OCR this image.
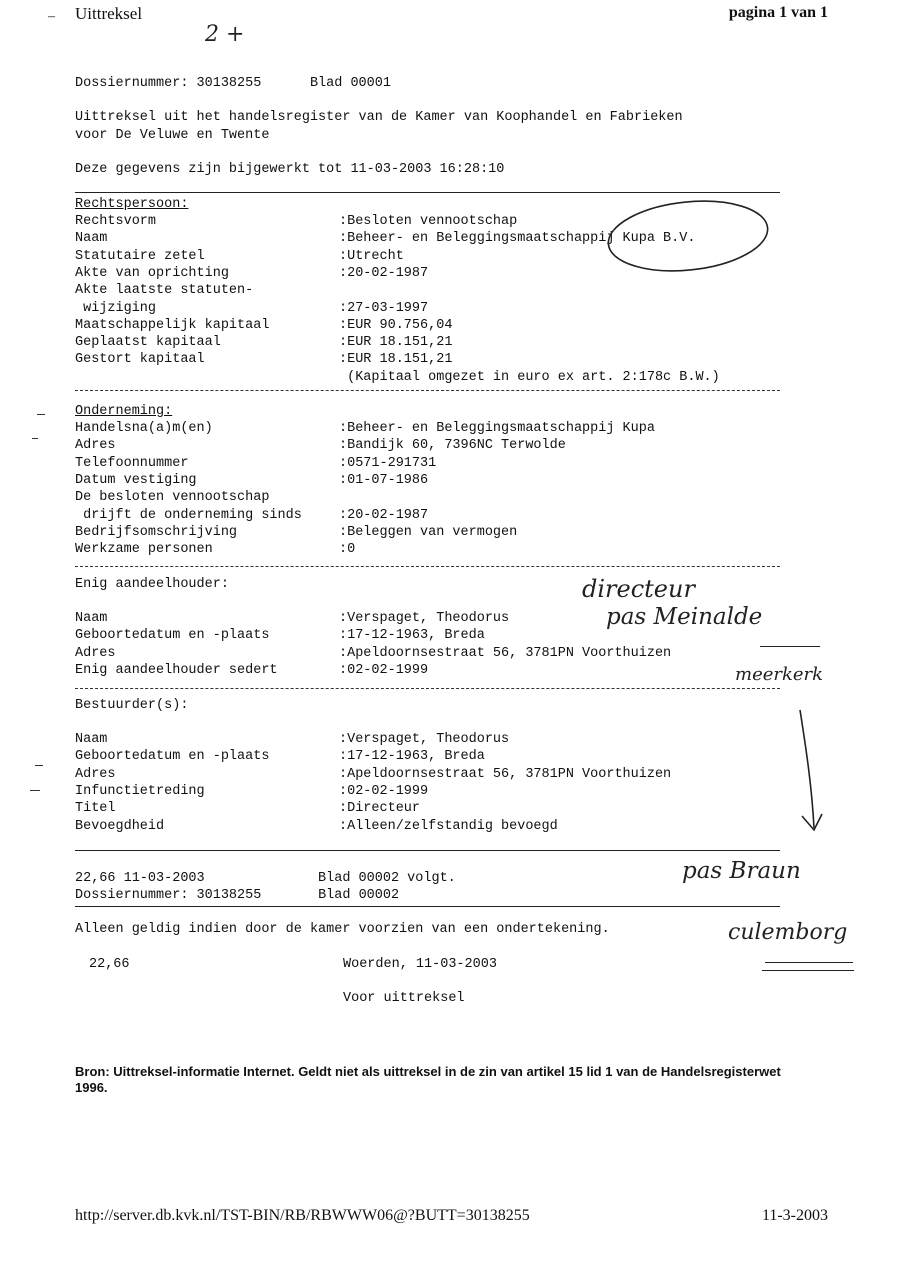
– Uittreksel	pagina 1 van 1
2 +
Dossiernummer: 30138255	Blad 00001
Uittreksel uit het handelsregister van de Kamer van Koophandel en Fabrieken
voor De Veluwe en Twente
Deze gegevens zijn bijgewerkt tot 11-03-2003 16:28:10
Rechtspersoon:
Rechtsvorm	:Besloten vennootschap
Naam	:Beheer- en Beleggingsmaatschappij Kupa B.V.
Statutaire zetel	:Utrecht
Akte van oprichting	:20-02-1987
Akte laatste statuten-
wijziging	:27-03-1997
Maatschappelijk kapitaal	:EUR 90.756,04
Geplaatst kapitaal	:EUR 18.151,21
Gestort kapitaal	:EUR 18.151,21
(Kapitaal omgezet in euro ex art. 2:178c B.W.)
Onderneming:
Handelsna(a)m(en)	:Beheer- en Beleggingsmaatschappij Kupa
Adres	:Bandijk 60, 7396NC Terwolde
Telefoonnummer	:0571-291731
Datum vestiging	:01-07-1986
De besloten vennootschap
drijft de onderneming sinds	:20-02-1987
Bedrijfsomschrijving	:Beleggen van vermogen
Werkzame personen	:0
Enig aandeelhouder:
Naam	:Verspaget, Theodorus
Geboortedatum en -plaats	:17-12-1963, Breda
Adres	:Apeldoornsestraat 56, 3781PN Voorthuizen
Enig aandeelhouder sedert	:02-02-1999
Bestuurder(s):
Naam	:Verspaget, Theodorus
Geboortedatum en -plaats	:17-12-1963, Breda
Adres	:Apeldoornsestraat 56, 3781PN Voorthuizen
Infunctietreding	:02-02-1999
Titel	:Directeur
Bevoegdheid	:Alleen/zelfstandig bevoegd
22,66 11-03-2003	Blad 00002 volgt.
Dossiernummer: 30138255	Blad 00002
Alleen geldig indien door de kamer voorzien van een ondertekening.
22,66	Woerden, 11-03-2003
Voor uittreksel
directeur
pas Meinalde
meerkerk
pas Braun
culemborg
Bron: Uittreksel-informatie Internet. Geldt niet als uittreksel in de zin van artikel 15 lid 1 van de Handelsregisterwet 1996.
http://server.db.kvk.nl/TST-BIN/RB/RBWWW06@?BUTT=30138255	11-3-2003
